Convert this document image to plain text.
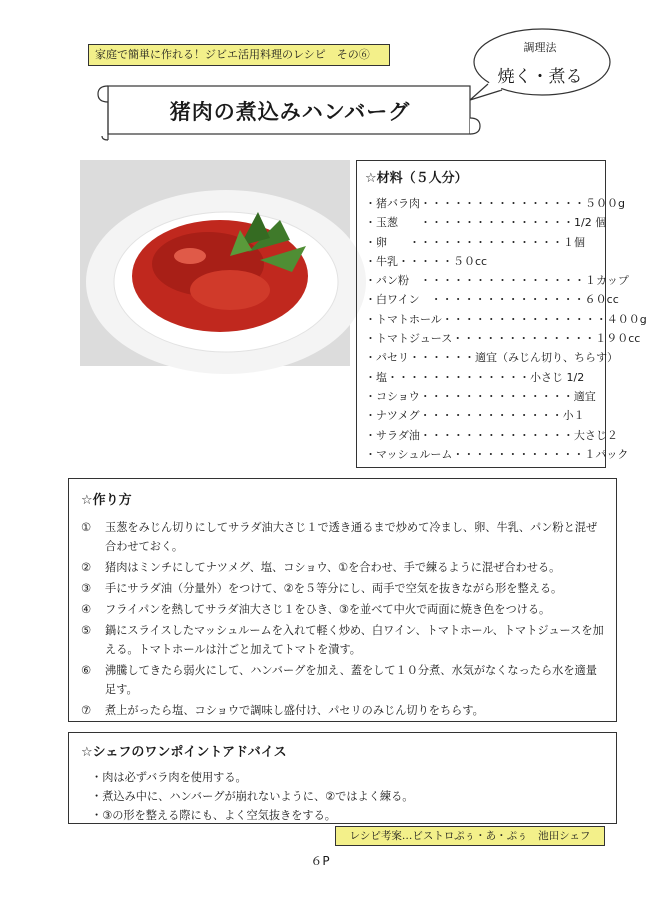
家庭で簡単に作れる！ジビエ活用料理のレシピ　その⑥
調理法
焼く・煮る
猪肉の煮込みハンバーグ
☆材料（５人分）
・猪バラ肉・・・・・・・・・・・・・・・５００g
・玉葱　　・・・・・・・・・・・・・・1/2 個
・卵　　・・・・・・・・・・・・・・１個
・牛乳・・・・・５０cc
・パン粉　・・・・・・・・・・・・・・・１カップ
・白ワイン　・・・・・・・・・・・・・・６０cc
・トマトホール・・・・・・・・・・・・・・・４００g
・トマトジュース・・・・・・・・・・・・・１９０cc
・パセリ・・・・・・適宜（みじん切り、ちらす）
・塩・・・・・・・・・・・・・小さじ 1/2
・コショウ・・・・・・・・・・・・・・適宜
・ナツメグ・・・・・・・・・・・・・小１
・サラダ油・・・・・・・・・・・・・・大さじ２
・マッシュルーム・・・・・・・・・・・・１パック
☆作り方
①	玉葱をみじん切りにしてサラダ油大さじ１で透き通るまで炒めて冷まし、卵、牛乳、パン粉と混ぜ合わせておく。
②	猪肉はミンチにしてナツメグ、塩、コショウ、①を合わせ、手で練るように混ぜ合わせる。
③	手にサラダ油（分量外）をつけて、②を５等分にし、両手で空気を抜きながら形を整える。
④	フライパンを熱してサラダ油大さじ１をひき、③を並べて中火で両面に焼き色をつける。
⑤	鍋にスライスしたマッシュルームを入れて軽く炒め、白ワイン、トマトホール、トマトジュースを加える。トマトホールは汁ごと加えてトマトを潰す。
⑥	沸騰してきたら弱火にして、ハンバーグを加え、蓋をして１０分煮、水気がなくなったら水を適量足す。
⑦	煮上がったら塩、コショウで調味し盛付け、パセリのみじん切りをちらす。
☆シェフのワンポイントアドバイス
・肉は必ずバラ肉を使用する。
・煮込み中に、ハンバーグが崩れないように、②ではよく練る。
・③の形を整える際にも、よく空気抜きをする。
レシピ考案…ビストロぷぅ・あ・ぷぅ　池田シェフ
６P
